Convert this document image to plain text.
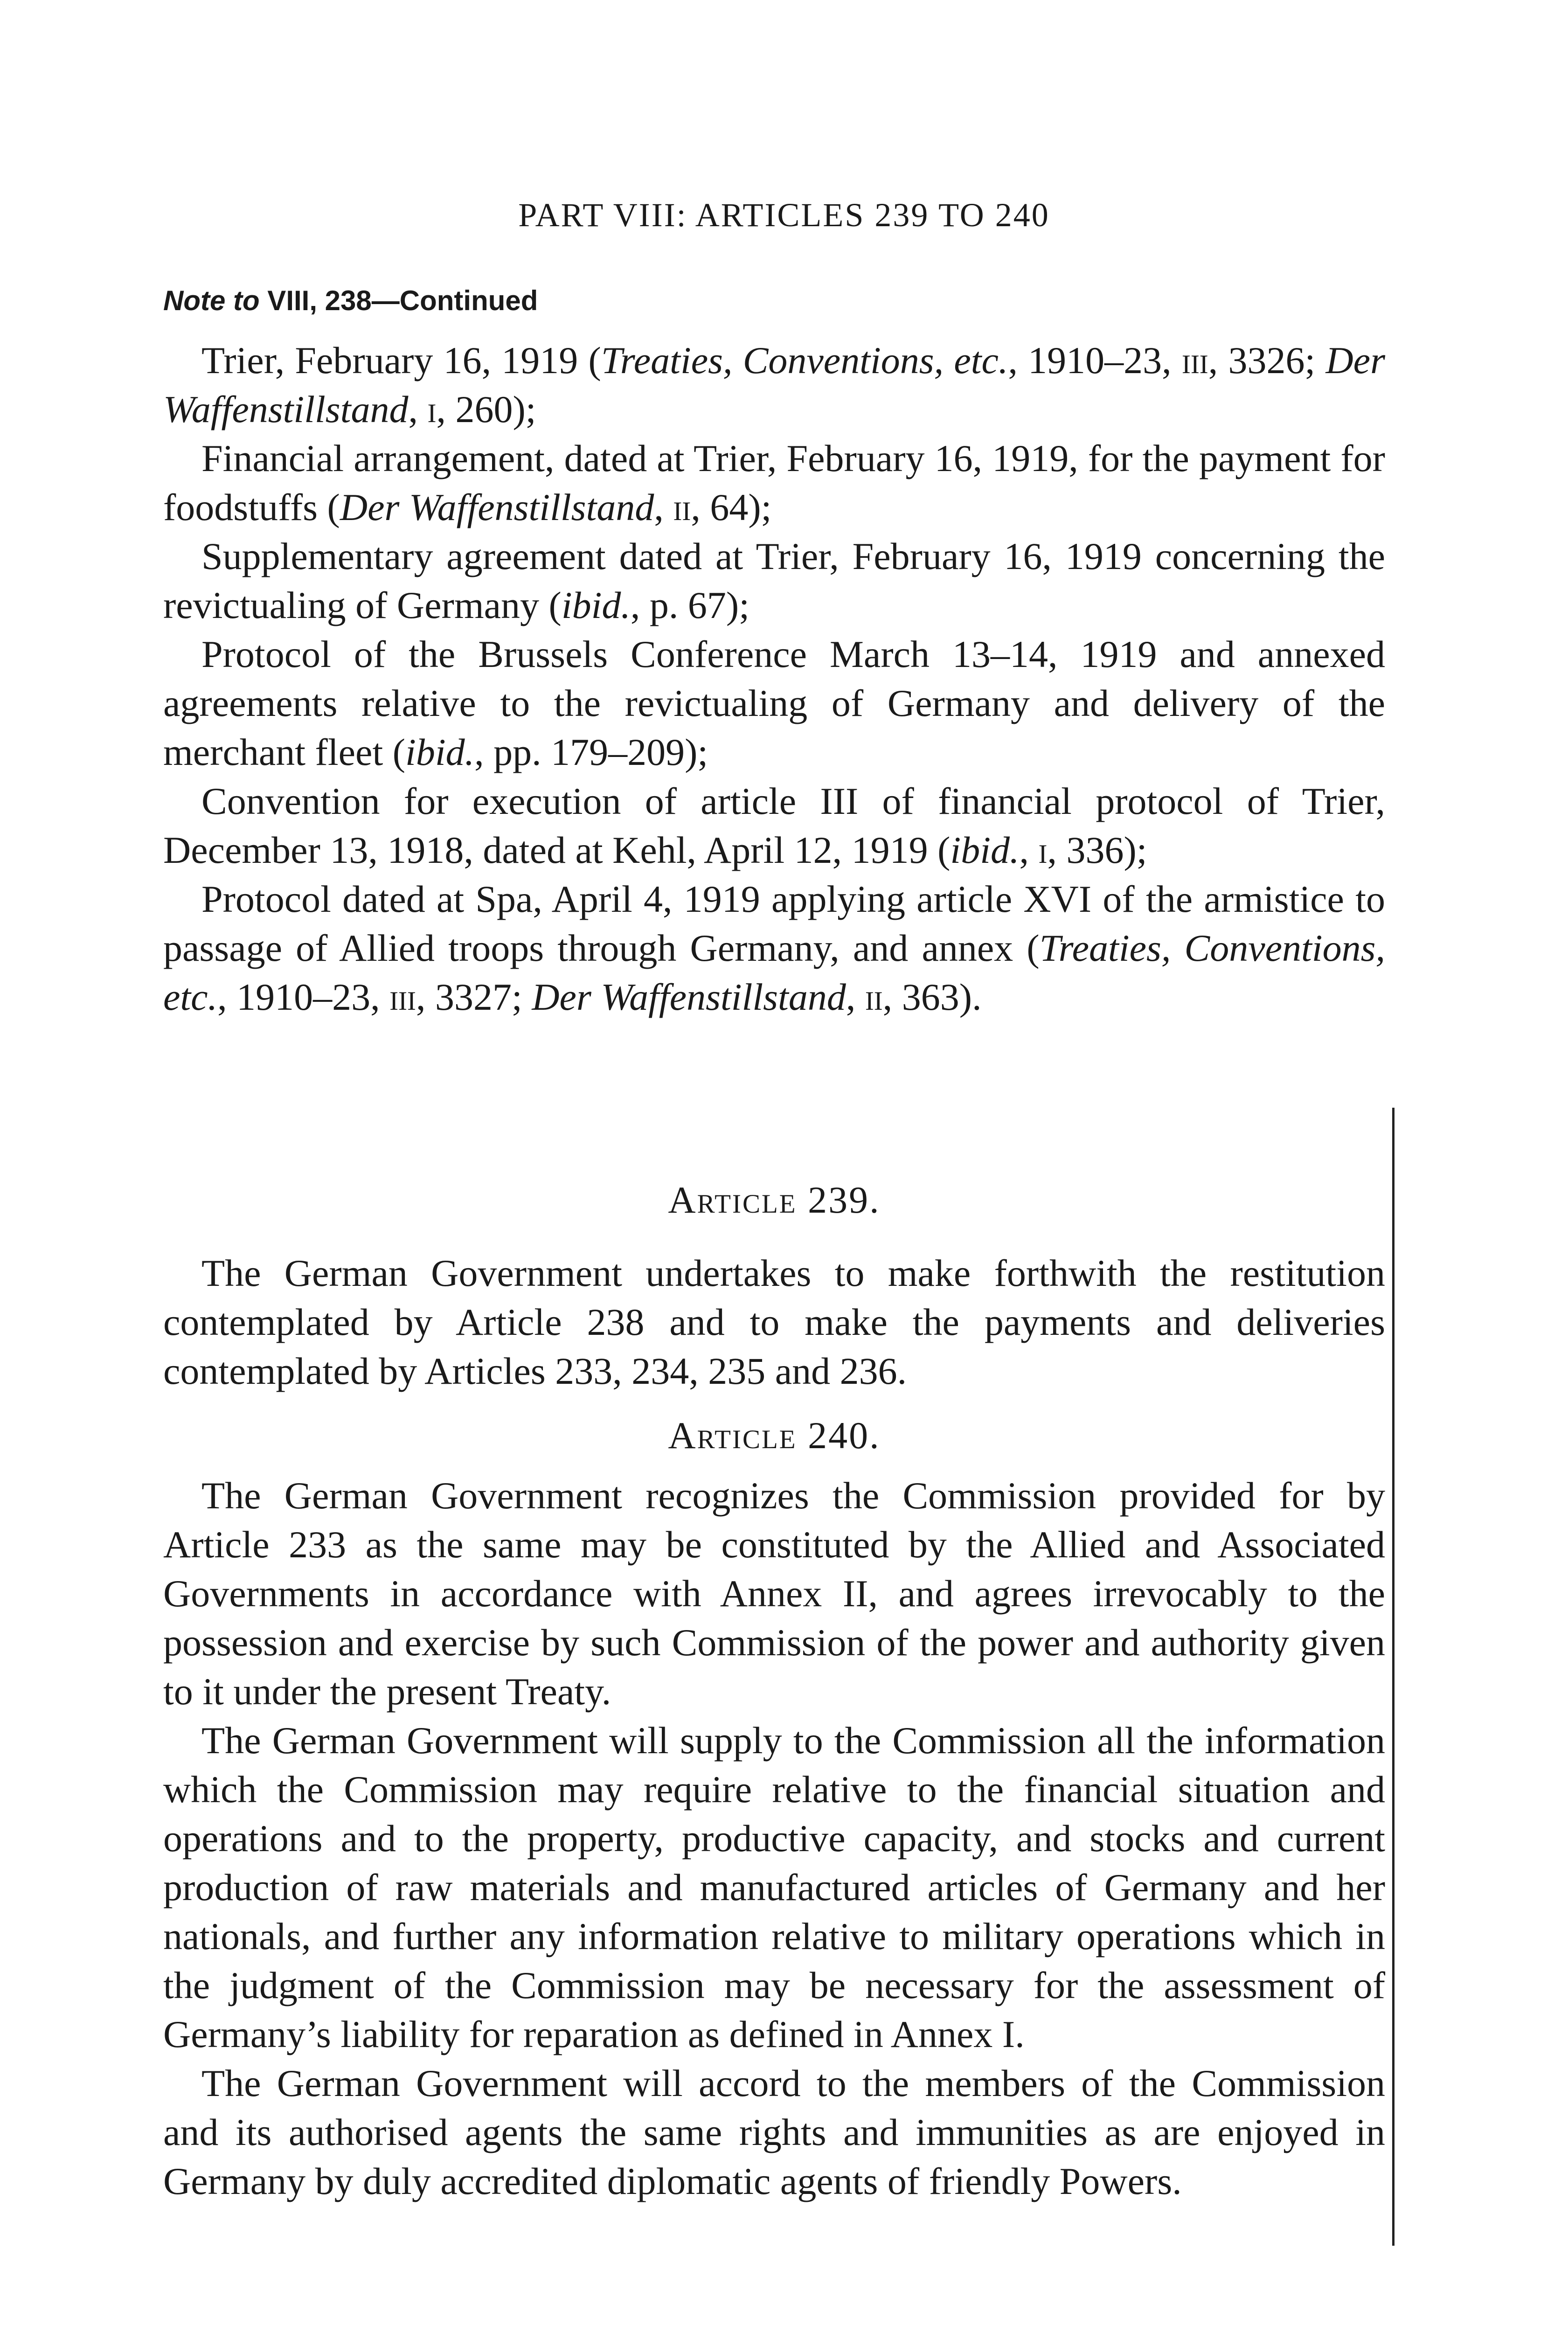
PART VIII: ARTICLES 239 TO 240
Note to VIII, 238—Continued

Trier, February 16, 1919 (Treaties, Conventions, etc., 1910–23, iii, 3326; Der Waffenstillstand, i, 260);

Financial arrangement, dated at Trier, February 16, 1919, for the payment for foodstuffs (Der Waffenstillstand, ii, 64);

Supplementary agreement dated at Trier, February 16, 1919 concerning the revictualing of Germany (ibid., p. 67);

Protocol of the Brussels Conference March 13–14, 1919 and annexed agreements relative to the revictualing of Germany and delivery of the merchant fleet (ibid., pp. 179–209);

Convention for execution of article III of financial protocol of Trier, December 13, 1918, dated at Kehl, April 12, 1919 (ibid., i, 336);

Protocol dated at Spa, April 4, 1919 applying article XVI of the armistice to passage of Allied troops through Germany, and annex (Treaties, Conventions, etc., 1910–23, iii, 3327; Der Waffenstillstand, ii, 363).

Article 239.

The German Government undertakes to make forthwith the restitution contemplated by Article 238 and to make the payments and deliveries contemplated by Articles 233, 234, 235 and 236.

Article 240.

The German Government recognizes the Commission provided for by Article 233 as the same may be constituted by the Allied and Associated Governments in accordance with Annex II, and agrees irrevocably to the possession and exercise by such Commission of the power and authority given to it under the present Treaty.

The German Government will supply to the Commission all the information which the Commission may require relative to the financial situation and operations and to the property, productive capacity, and stocks and current production of raw materials and manufactured articles of Germany and her nationals, and further any information relative to military operations which in the judgment of the Commission may be necessary for the assessment of Germany’s liability for reparation as defined in Annex I.

The German Government will accord to the members of the Commission and its authorised agents the same rights and immunities as are enjoyed in Germany by duly accredited diplomatic agents of friendly Powers.
